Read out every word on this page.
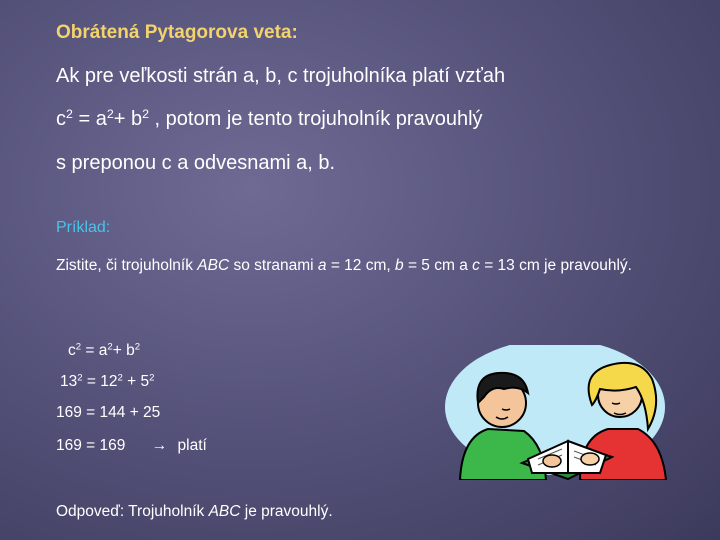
Obrátená Pytagorova veta:
Ak pre veľkosti strán a, b, c trojuholníka platí vzťah
$c^2 = a^2+ b^2$ , potom je tento trojuholník pravouhlý
s preponou c a odvesnami a, b.
Príklad:
Zistite, či trojuholník ABC so stranami a = 12 cm, b = 5 cm a c = 13 cm je pravouhlý.
$c^2 = a^2+ b^2$
$13^2 = 12^2 + 5^2$
169 = 144 + 25
169 = 169 → platí
Odpoveď: Trojuholník ABC je pravouhlý.
